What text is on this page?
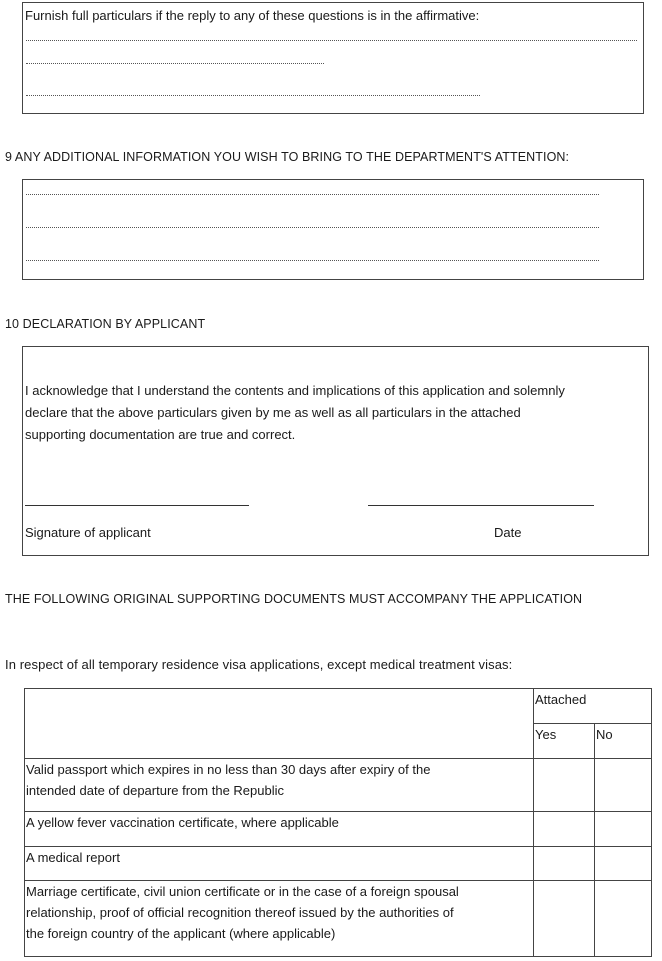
Furnish full particulars if the reply to any of these questions is in the affirmative:
9 ANY ADDITIONAL INFORMATION YOU WISH TO BRING TO THE DEPARTMENT'S ATTENTION:
10 DECLARATION BY APPLICANT
I acknowledge that I understand the contents and implications of this application and solemnly
declare that the above particulars given by me as well as all particulars in the attached
supporting documentation are true and correct.
Signature of applicant	Date
THE FOLLOWING ORIGINAL SUPPORTING DOCUMENTS MUST ACCOMPANY THE APPLICATION
In respect of all temporary residence visa applications, except medical treatment visas:
	Attached	
	Yes	No

Valid passport which expires in no less than 30 days after expiry of the
intended date of departure from the Republic		

A yellow fever vaccination certificate, where applicable		

A medical report		

Marriage certificate, civil union certificate or in the case of a foreign spousal
relationship, proof of official recognition thereof issued by the authorities of
the foreign country of the applicant (where applicable)		
